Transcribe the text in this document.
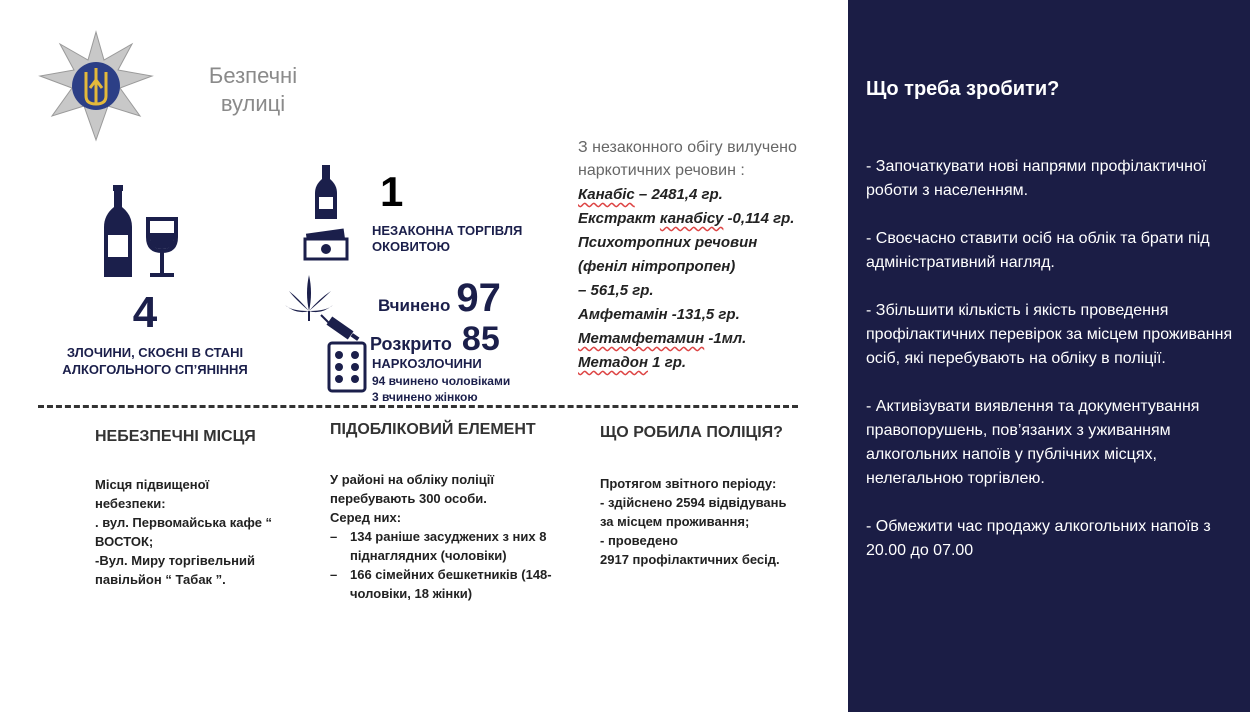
Безпечні
вулиці
4
ЗЛОЧИНИ, СКОЄНІ В СТАНІ АЛКОГОЛЬНОГО СП’ЯНІННЯ
1
НЕЗАКОННА ТОРГІВЛЯ ОКОВИТОЮ
Вчинено 97
Розкрито 85
НАРКОЗЛОЧИНИ
94 вчинено чоловіками
3 вчинено жінкою
З незаконного обігу вилучено наркотичних речовин :
Канабіс – 2481,4 гр.
Екстракт канабісу -0,114 гр.
Психотропних речовин
(феніл нітропропен)
– 561,5 гр.
Амфетамін -131,5 гр.
Метамфетамин -1мл.
Метадон 1 гр.
НЕБЕЗПЕЧНІ МІСЦЯ
Місця підвищеної
небезпеки:
. вул. Первомайська кафе “
ВОСТОК;
-Вул. Миру торгівельний
павільйон “ Табак ”.
ПІДОБЛІКОВИЙ ЕЛЕМЕНТ
У районі на обліку поліції
перебувають 300 особи.
Серед них:
– 134 раніше засуджених з них 8 піднаглядних (чоловіки)
– 166 сімейних бешкетників (148-чоловіки, 18 жінки)
ЩО РОБИЛА ПОЛІЦІЯ?
Протягом звітного періоду:
- здійснено 2594 відвідувань
за місцем проживання;
- проведено
2917 профілактичних бесід.
Що треба зробити?
- Започаткувати нові напрями профілактичної роботи з населенням.
- Своєчасно ставити осіб на облік та брати під адміністративний нагляд.
- Збільшити кількість і якість проведення профілактичних перевірок за місцем проживання осіб, які перебувають на обліку в поліції.
- Активізувати виявлення та документування правопорушень, пов’язаних з уживанням алкогольних напоїв у публічних місцях, нелегальною торгівлею.
- Обмежити час продажу алкогольних напоїв з 20.00 до 07.00
